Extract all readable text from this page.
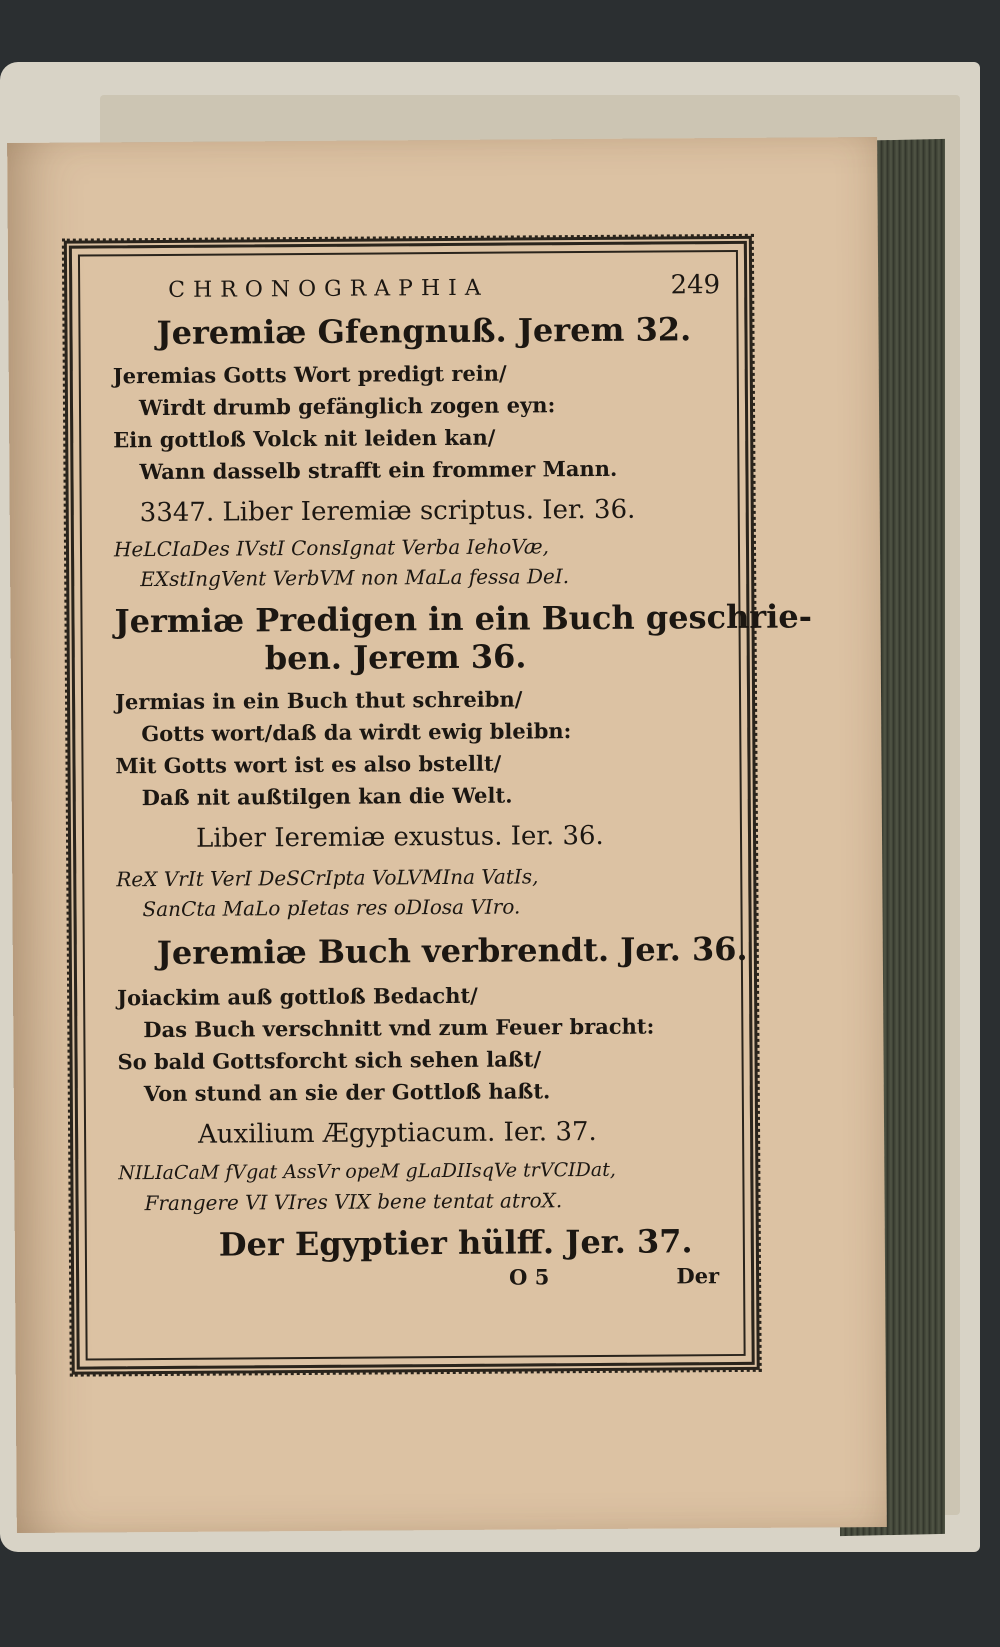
CHRONOGRAPHIA	249
Jeremiæ Gfengnuß. Jerem 32.
Jeremias Gotts Wort predigt rein/
Wirdt drumb gefänglich zogen eyn:
Ein gottloß Volck nit leiden kan/
Wann dasselb strafft ein frommer Mann.
3347. Liber Ieremiæ scriptus. Ier. 36.
HeLCIaDes IVstI ConsIgnat Verba IehoVæ,
EXstIngVent VerbVM non MaLa fessa DeI.
Jermiæ Predigen in ein Buch geschrie-
ben. Jerem 36.
Jermias in ein Buch thut schreibn/
Gotts wort/daß da wirdt ewig bleibn:
Mit Gotts wort ist es also bstellt/
Daß nit außtilgen kan die Welt.
Liber Ieremiæ exustus. Ier. 36.
ReX VrIt VerI DeSCrIpta VoLVMIna VatIs,
SanCta MaLo pIetas res oDIosa VIro.
Jeremiæ Buch verbrendt. Jer. 36.
Joiackim auß gottloß Bedacht/
Das Buch verschnitt vnd zum Feuer bracht:
So bald Gottsforcht sich sehen laßt/
Von stund an sie der Gottloß haßt.
Auxilium Ægyptiacum. Ier. 37.
NILIaCaM fVgat AssVr opeM gLaDIIsqVe trVCIDat,
Frangere VI VIres VIX bene tentat atroX.
Der Egyptier hülff. Jer. 37.
O 5	Der
